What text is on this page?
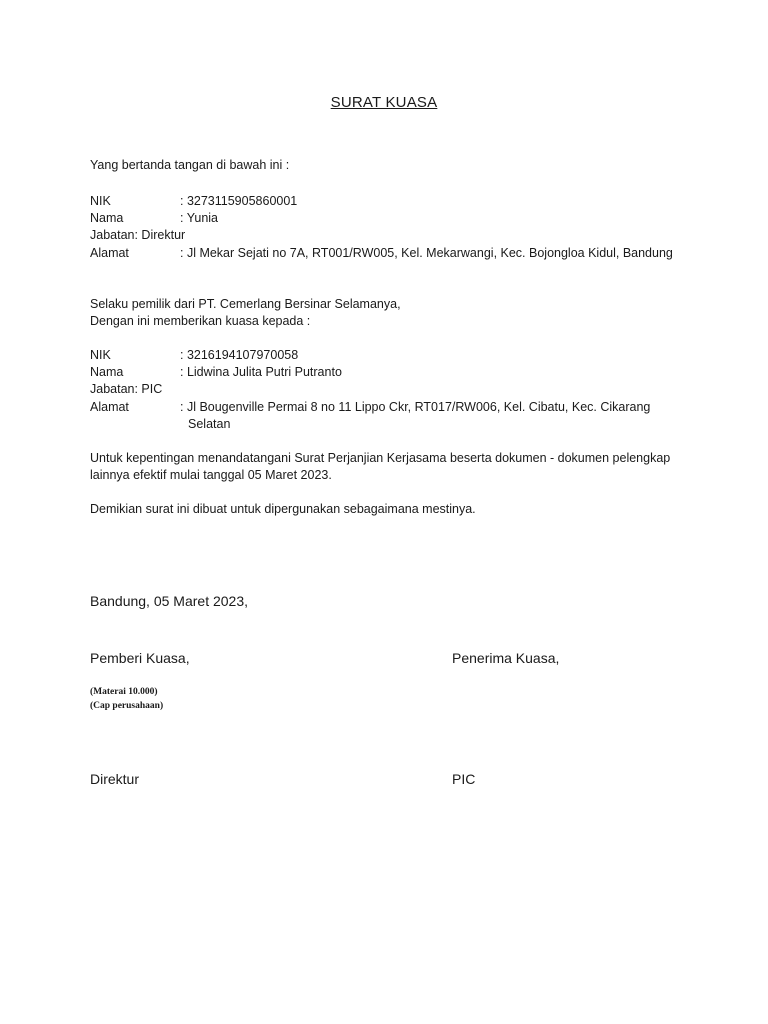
SURAT KUASA
Yang bertanda tangan di bawah ini :
NIK	: 3273115905860001
Nama	: Yunia
Jabatan: Direktur
Alamat	: Jl Mekar Sejati no 7A, RT001/RW005, Kel. Mekarwangi, Kec. Bojongloa Kidul, Bandung
Selaku pemilik dari PT. Cemerlang Bersinar Selamanya,
Dengan ini memberikan kuasa kepada :
NIK	: 3216194107970058
Nama	: Lidwina Julita Putri Putranto
Jabatan: PIC
Alamat	: Jl Bougenville Permai 8 no 11 Lippo Ckr, RT017/RW006, Kel. Cibatu, Kec. Cikarang
Selatan
Untuk kepentingan menandatangani Surat Perjanjian Kerjasama beserta dokumen - dokumen pelengkap
lainnya efektif mulai tanggal 05 Maret 2023.
Demikian surat ini dibuat untuk dipergunakan sebagaimana mestinya.
Bandung, 05 Maret 2023,
Pemberi Kuasa,	Penerima Kuasa,
(Materai 10.000)
(Cap perusahaan)
Direktur	PIC
